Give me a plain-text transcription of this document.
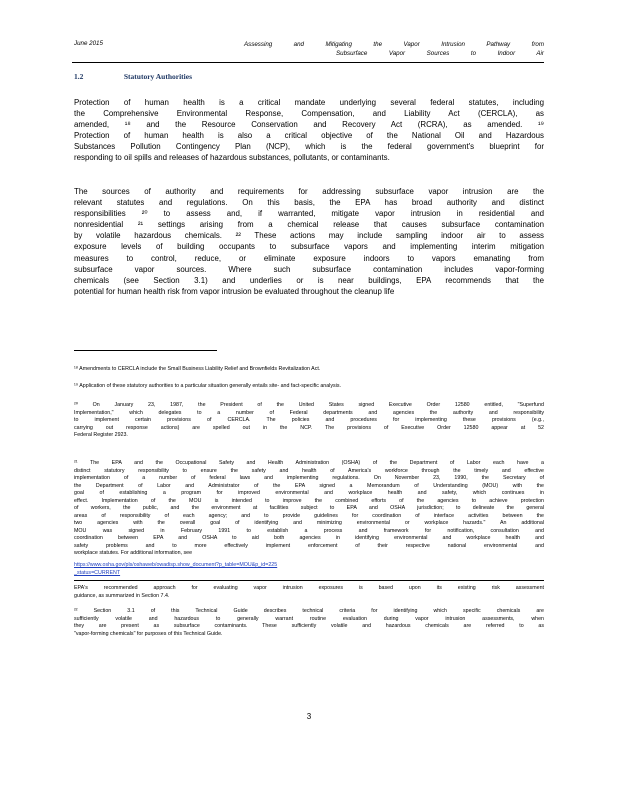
June 2015	Assessing and Mitigating the Vapor Intrusion Pathway from
Subsurface Vapor Sources to Indoor Air
1.2	Statutory Authorities
Protection of human health is a critical mandate underlying several federal statutes, including
the Comprehensive Environmental Response, Compensation, and Liability Act (CERCLA), as
amended, ¹⁸ and the Resource Conservation and Recovery Act (RCRA), as amended. ¹⁹
Protection of human health is also a critical objective of the National Oil and Hazardous
Substances Pollution Contingency Plan (NCP), which is the federal government's blueprint for
responding to oil spills and releases of hazardous substances, pollutants, or contaminants.
The sources of authority and requirements for addressing subsurface vapor intrusion are the
relevant statutes and regulations. On this basis, the EPA has broad authority and distinct
responsibilities ²⁰ to assess and, if warranted, mitigate vapor intrusion in residential and
nonresidential ²¹ settings arising from a chemical release that causes subsurface contamination
by volatile hazardous chemicals. ²² These actions may include sampling indoor air to assess
exposure levels of building occupants to subsurface vapors and implementing interim mitigation
measures to control, reduce, or eliminate exposure indoors to vapors emanating from
subsurface vapor sources. Where such subsurface contamination includes vapor-forming
chemicals (see Section 3.1) and underlies or is near buildings, EPA recommends that the
potential for human health risk from vapor intrusion be evaluated throughout the cleanup life
¹⁸ Amendments to CERCLA include the Small Business Liability Relief and Brownfields Revitalization Act.
¹⁹ Application of these statutory authorities to a particular situation generally entails site- and fact-specific analysis.
²⁰ On January 23, 1987, the President of the United States signed Executive Order 12580 entitled, "Superfund
Implementation," which delegates to a number of Federal departments and agencies the authority and responsibility
to implement certain provisions of CERCLA. The policies and procedures for implementing these provisions (e.g.,
carrying out response actions) are spelled out in the NCP. The provisions of Executive Order 12580 appear at 52
Federal Register 2923.
²¹ The EPA and the Occupational Safety and Health Administration (OSHA) of the Department of Labor each have a
distinct statutory responsibility to ensure the safety and health of America's workforce through the timely and effective
implementation of a number of federal laws and implementing regulations. On November 23, 1990, the Secretary of
the Department of Labor and Administrator of the EPA signed a Memorandum of Understanding (MOU) with the
goal of establishing a program for improved environmental and workplace health and safety, which continues in
effect. Implementation of the MOU is intended to improve the combined efforts of the agencies to achieve protection
of workers, the public, and the environment at facilities subject to EPA and OSHA jurisdiction; to delineate the general
areas of responsibility of each agency; and to provide guidelines for coordination of interface activities between the
two agencies with the overall goal of identifying and minimizing environmental or workplace hazards." An additional
MOU was signed in February 1991 to establish a process and framework for notification, consultation and
coordination between EPA and OSHA to aid both agencies in identifying environmental and workplace health and
safety problems and to more effectively implement enforcement of their respective national environmental and
workplace statutes. For additional information, see
https://www.osha.gov/pls/oshaweb/owadisp.show_document?p_table=MOU&p_id=225
_status=CURRENT
EPA's recommended approach for evaluating vapor intrusion exposures is based upon its existing risk assessment
guidance, as summarized in Section 7.4.
²² Section 3.1 of this Technical Guide describes technical criteria for identifying which specific chemicals are
sufficiently volatile and hazardous to generally warrant routine evaluation during vapor intrusion assessments, when
they are present as subsurface contaminants. These sufficiently volatile and hazardous chemicals are referred to as
"vapor-forming chemicals" for purposes of this Technical Guide.
3
